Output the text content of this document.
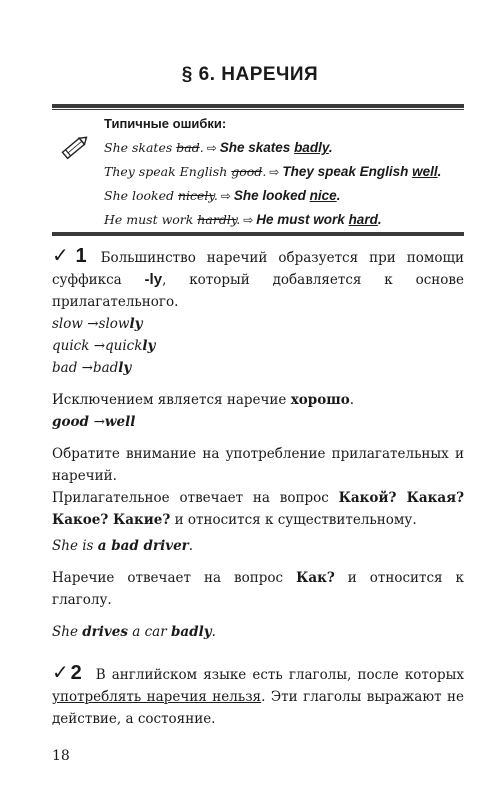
§ 6. НАРЕЧИЯ
Типичные ошибки:
She skates bad. ⇨ She skates badly.
They speak English good. ⇨ They speak English well.
She looked nicely. ⇨ She looked nice.
He must work hardly. ⇨ He must work hard.

✓1 Большинство наречий образуется при помощи суффикса -ly, который добавляется к основе прилагательного.

slow →slowly

quick →quickly

bad →badly

Исключением является наречие хорошо.

good →well

Обратите внимание на употребление прилагательных и наречий.

Прилагательное отвечает на вопрос Какой? Какая? Какое? Какие? и относится к существительному.

She is a bad driver.

Наречие отвечает на вопрос Как? и относится к глаголу.

She drives a car badly.

✓2 В английском языке есть глаголы, после которых употреблять наречия нельзя. Эти глаголы выражают не действие, а состояние.

18
